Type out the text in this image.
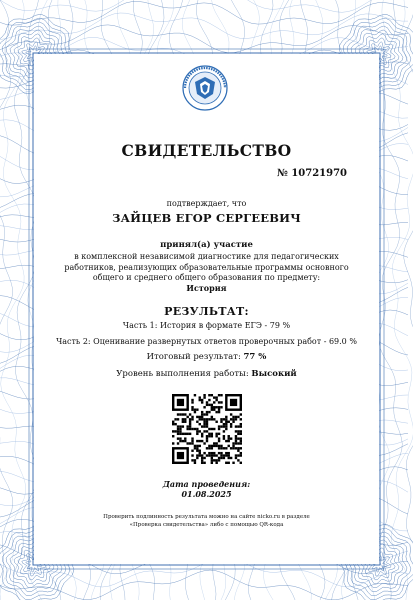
СВИДЕТЕЛЬСТВО
№ 10721970
подтверждает, что
ЗАЙЦЕВ ЕГОР СЕРГЕЕВИЧ
принял(а) участие
в комплексной независимой диагностике для педагогических
работников, реализующих образовательные программы основного
общего и среднего общего образования по предмету:
История
РЕЗУЛЬТАТ:
Часть 1: История в формате ЕГЭ - 79 %
Часть 2: Оценивание развернутых ответов проверочных работ - 69.0 %
Итоговый результат: 77 %
Уровень выполнения работы: Высокий
Дата проведения:
01.08.2025
Проверить подлинность результата можно на сайте nicko.ru в разделе
«Проверка свидетельства» либо с помощью QR-кода
